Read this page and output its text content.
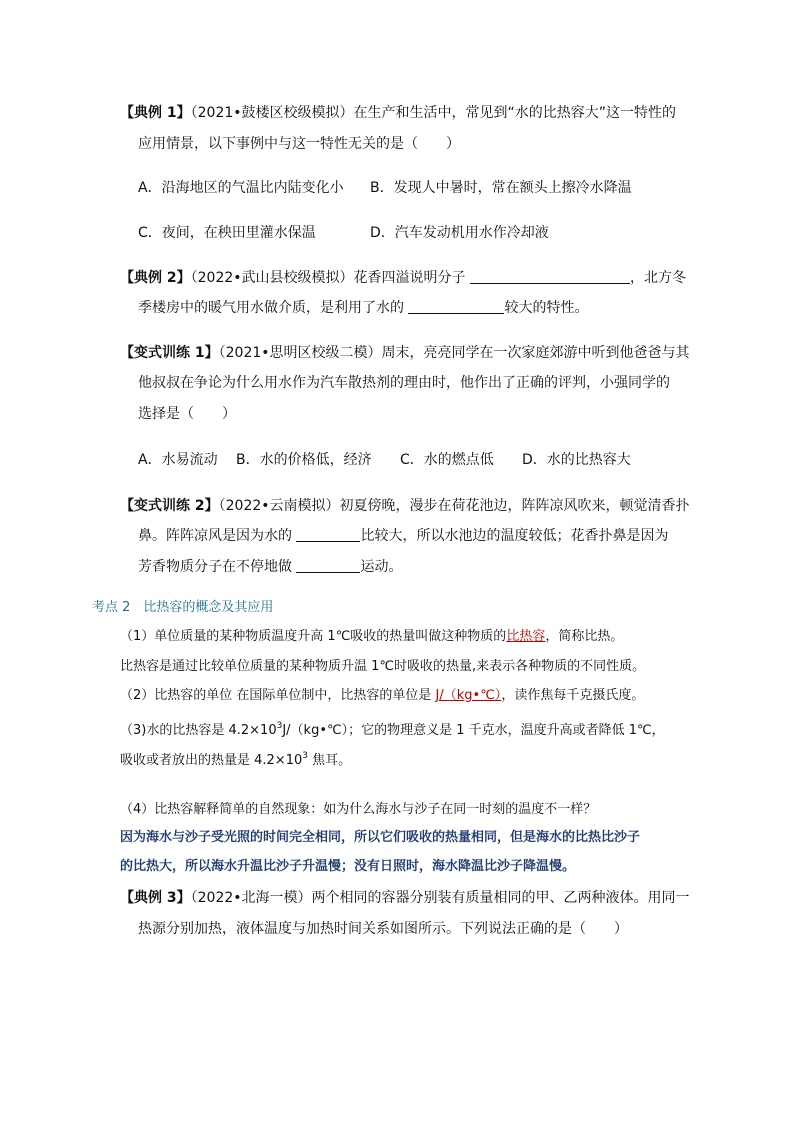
【典例 1】（2021•鼓楼区校级模拟）在生产和生活中，常见到“水的比热容大”这一特性的
应用情景，以下事例中与这一特性无关的是（　　）
A．沿海地区的气温比内陆变化小 B．发现人中暑时，常在额头上擦冷水降温
C．夜间，在秧田里灌水保温	D．汽车发动机用水作冷却液
【典例 2】（2022•武山县校级模拟）花香四溢说明分子	，北方冬
季楼房中的暖气用水做介质，是利用了水的	较大的特性。
【变式训练 1】（2021•思明区校级二模）周末，亮亮同学在一次家庭郊游中听到他爸爸与其
他叔叔在争论为什么用水作为汽车散热剂的理由时，他作出了正确的评判，小强同学的
选择是（　　）
A．水易流动 B．水的价格低，经济 C．水的燃点低 D．水的比热容大
【变式训练 2】（2022•云南模拟）初夏傍晚，漫步在荷花池边，阵阵凉风吹来，顿觉清香扑
鼻。阵阵凉风是因为水的	比较大，所以水池边的温度较低；花香扑鼻是因为
芳香物质分子在不停地做	运动。
考点 2　比热容的概念及其应用
（1）单位质量的某种物质温度升高 1℃吸收的热量叫做这种物质的比热容，简称比热。
比热容是通过比较单位质量的某种物质升温 1℃时吸收的热量,来表示各种物质的不同性质。
（2）比热容的单位 在国际单位制中，比热容的单位是 J/（kg•℃），读作焦每千克摄氏度。
（3)水的比热容是 $4.2\times 10^3J/(kg•℃)$；它的物理意义是 1 千克水，温度升高或者降低 1℃，
吸收或者放出的热量是 $4.2\times 10^3$ 焦耳。
（4）比热容解释简单的自然现象：如为什么海水与沙子在同一时刻的温度不一样？
因为海水与沙子受光照的时间完全相同，所以它们吸收的热量相同，但是海水的比热比沙子
的比热大，所以海水升温比沙子升温慢；没有日照时，海水降温比沙子降温慢。
【典例 3】（2022•北海一模）两个相同的容器分别装有质量相同的甲、乙两种液体。用同一
热源分别加热，液体温度与加热时间关系如图所示。下列说法正确的是（　　）
